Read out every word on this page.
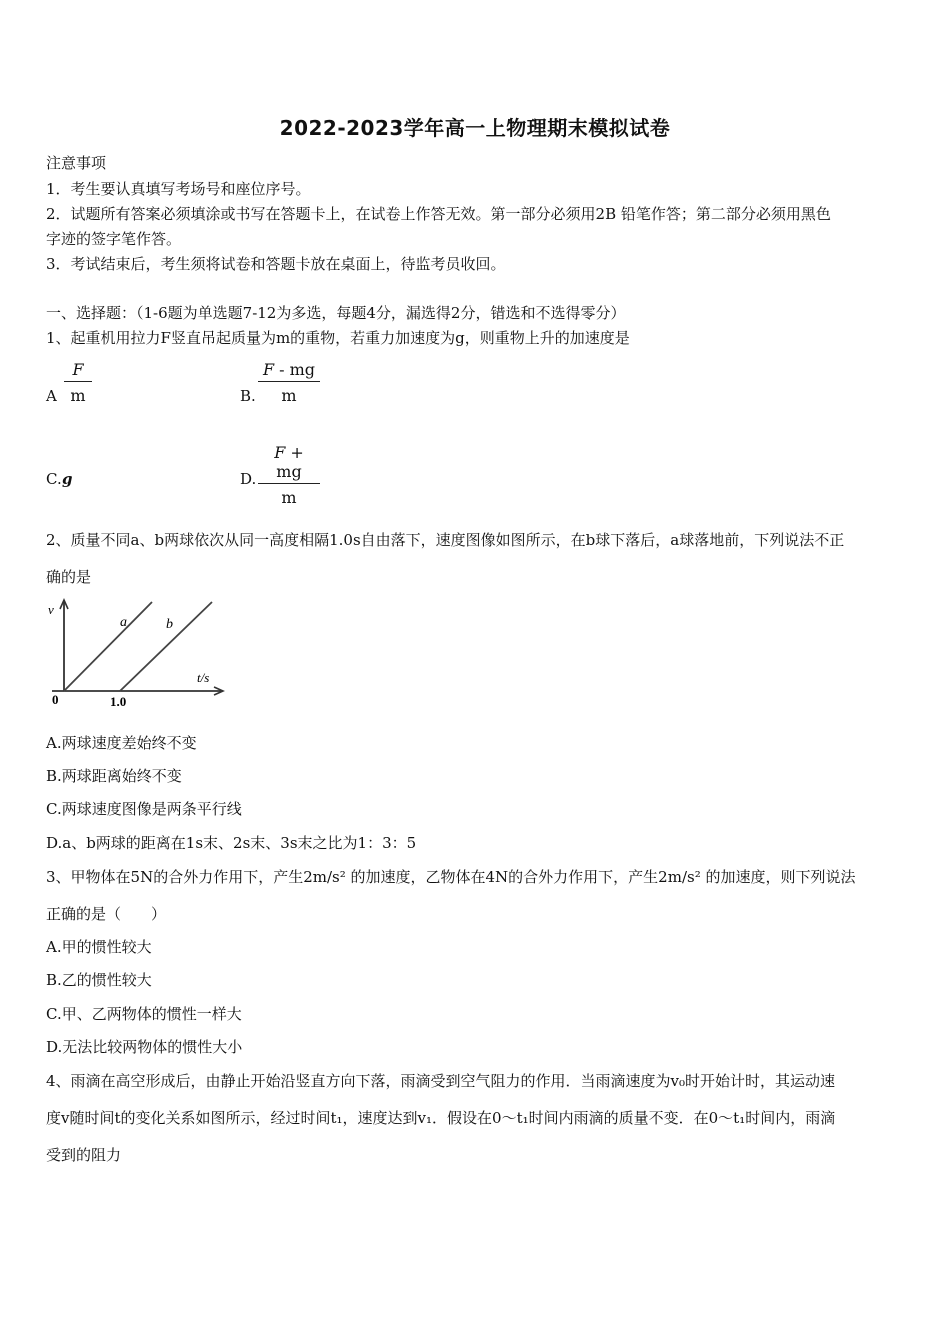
2022-2023学年高一上物理期末模拟试卷
注意事项
1．考生要认真填写考场号和座位序号。
2．试题所有答案必须填涂或书写在答题卡上，在试卷上作答无效。第一部分必须用2B 铅笔作答；第二部分必须用黑色
字迹的签字笔作答。
3．考试结束后，考生须将试卷和答题卡放在桌面上，待监考员收回。
一、选择题：（1-6题为单选题7-12为多选，每题4分，漏选得2分，错选和不选得零分）
1、起重机用拉力F竖直吊起质量为m的重物，若重力加速度为g，则重物上升的加速度是
A $\frac{F}{m}$	B. $\frac{F - mg}{m}$
C. g	D. $\frac{F + mg}{m}$
2、质量不同a、b两球依次从同一高度相隔1.0s自由落下，速度图像如图所示，在b球下落后，a球落地前，下列说法不正
确的是
v
t/s
0	1.0
a	b
A.两球速度差始终不变
B.两球距离始终不变
C.两球速度图像是两条平行线
D.a、b两球的距离在1s末、2s末、3s末之比为1：3：5
3、甲物体在5N的合外力作用下，产生2m/s² 的加速度，乙物体在4N的合外力作用下，产生2m/s² 的加速度，则下列说法
正确的是（　　）
A.甲的惯性较大
B.乙的惯性较大
C.甲、乙两物体的惯性一样大
D.无法比较两物体的惯性大小
4、雨滴在高空形成后，由静止开始沿竖直方向下落，雨滴受到空气阻力的作用．当雨滴速度为v₀时开始计时，其运动速
度v随时间t的变化关系如图所示，经过时间t₁，速度达到v₁．假设在0～t₁时间内雨滴的质量不变．在0～t₁时间内，雨滴
受到的阻力
